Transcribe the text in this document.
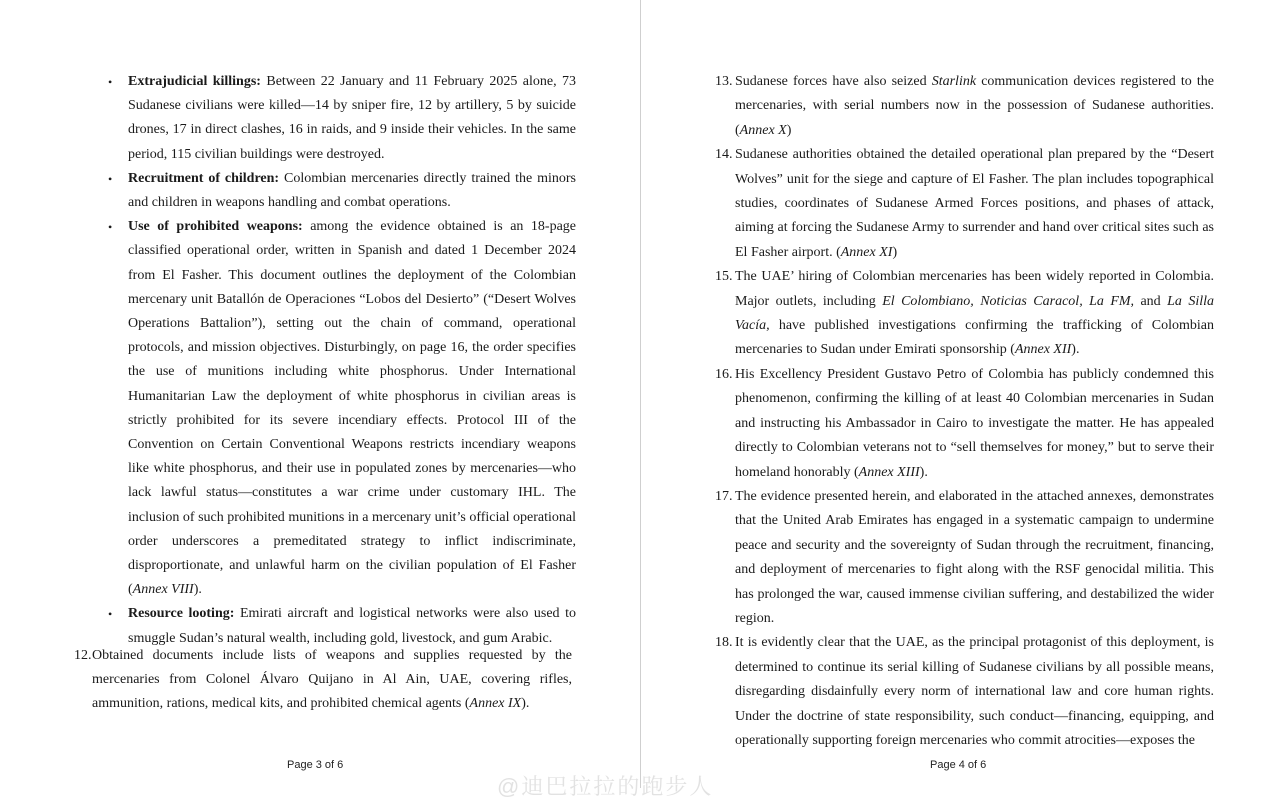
• Extrajudicial killings: Between 22 January and 11 February 2025 alone, 73 Sudanese civilians were killed—14 by sniper fire, 12 by artillery, 5 by suicide drones, 17 in direct clashes, 16 in raids, and 9 inside their vehicles. In the same period, 115 civilian buildings were destroyed.
• Recruitment of children: Colombian mercenaries directly trained the minors and children in weapons handling and combat operations.
• Use of prohibited weapons: among the evidence obtained is an 18-page classified operational order, written in Spanish and dated 1 December 2024 from El Fasher. This document outlines the deployment of the Colombian mercenary unit Batallón de Operaciones “Lobos del Desierto” (“Desert Wolves Operations Battalion”), setting out the chain of command, operational protocols, and mission objectives. Disturbingly, on page 16, the order specifies the use of munitions including white phosphorus. Under International Humanitarian Law the deployment of white phosphorus in civilian areas is strictly prohibited for its severe incendiary effects. Protocol III of the Convention on Certain Conventional Weapons restricts incendiary weapons like white phosphorus, and their use in populated zones by mercenaries—who lack lawful status—constitutes a war crime under customary IHL. The inclusion of such prohibited munitions in a mercenary unit’s official operational order underscores a premeditated strategy to inflict indiscriminate, disproportionate, and unlawful harm on the civilian population of El Fasher (Annex VIII).
• Resource looting: Emirati aircraft and logistical networks were also used to smuggle Sudan’s natural wealth, including gold, livestock, and gum Arabic.
12. Obtained documents include lists of weapons and supplies requested by the mercenaries from Colonel Álvaro Quijano in Al Ain, UAE, covering rifles, ammunition, rations, medical kits, and prohibited chemical agents (Annex IX).
Page 3 of 6
13. Sudanese forces have also seized Starlink communication devices registered to the mercenaries, with serial numbers now in the possession of Sudanese authorities.(Annex X)
14. Sudanese authorities obtained the detailed operational plan prepared by the “Desert Wolves” unit for the siege and capture of El Fasher. The plan includes topographical studies, coordinates of Sudanese Armed Forces positions, and phases of attack, aiming at forcing the Sudanese Army to surrender and hand over critical sites such as El Fasher airport. (Annex XI)
15. The UAE’ hiring of Colombian mercenaries has been widely reported in Colombia. Major outlets, including El Colombiano, Noticias Caracol, La FM, and La Silla Vacía, have published investigations confirming the trafficking of Colombian mercenaries to Sudan under Emirati sponsorship (Annex XII).
16. His Excellency President Gustavo Petro of Colombia has publicly condemned this phenomenon, confirming the killing of at least 40 Colombian mercenaries in Sudan and instructing his Ambassador in Cairo to investigate the matter. He has appealed directly to Colombian veterans not to “sell themselves for money,” but to serve their homeland honorably (Annex XIII).
17. The evidence presented herein, and elaborated in the attached annexes, demonstrates that the United Arab Emirates has engaged in a systematic campaign to undermine peace and security and the sovereignty of Sudan through the recruitment, financing, and deployment of mercenaries to fight along with the RSF genocidal militia. This has prolonged the war, caused immense civilian suffering, and destabilized the wider region.
18. It is evidently clear that the UAE, as the principal protagonist of this deployment, is determined to continue its serial killing of Sudanese civilians by all possible means, disregarding disdainfully every norm of international law and core human rights. Under the doctrine of state responsibility, such conduct—financing, equipping, and operationally supporting foreign mercenaries who commit atrocities—exposes the
Page 4 of 6
@迪巴拉拉的跑步人
